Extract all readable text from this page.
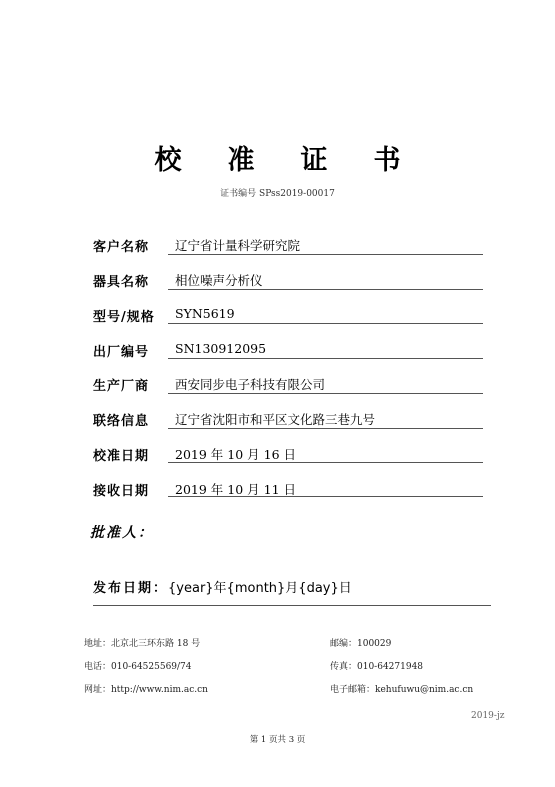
校准证书
证书编号 SPss2019-00017
客户名称	辽宁省计量科学研究院
器具名称	相位噪声分析仪
型号/规格 SYN5619
出厂编号	SN130912095
生产厂商	西安同步电子科技有限公司
联络信息	辽宁省沈阳市和平区文化路三巷九号
校准日期	2019 年 10 月 16 日
接收日期	2019 年 10 月 11 日
批准人：
发布日期：{year}年{month}月{day}日
地址：北京北三环东路 18 号	邮编：100029
电话：010-64525569/74	传真：010-64271948
网址：http://www.nim.ac.cn	电子邮箱：kehufuwu@nim.ac.cn
2019-jz
第 1 页共 3 页
